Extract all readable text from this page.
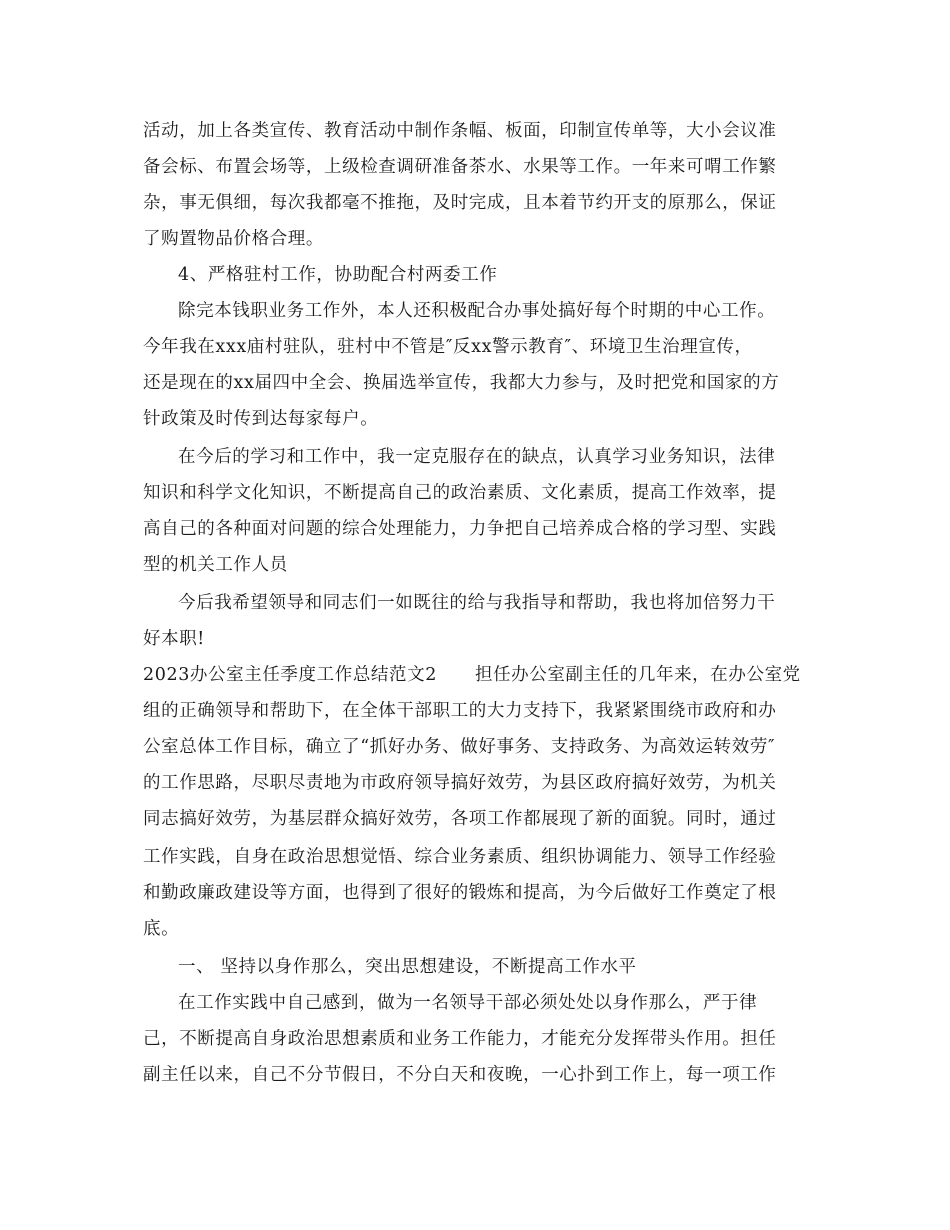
活动，加上各类宣传、教育活动中制作条幅、板面，印制宣传单等，大小会议准
备会标、布置会场等，上级检查调研准备茶水、水果等工作。一年来可喟工作繁
杂，事无俱细，每次我都毫不推拖，及时完成，且本着节约开支的原那么，保证
了购置物品价格合理。
4、严格驻村工作，协助配合村两委工作
除完本钱职业务工作外，本人还积极配合办事处搞好每个时期的中心工作。
今年我在xxx庙村驻队，驻村中不管是″反xx警示教育″、环境卫生治理宣传，
还是现在的xx届四中全会、换届选举宣传，我都大力参与，及时把党和国家的方
针政策及时传到达每家每户。
在今后的学习和工作中，我一定克服存在的缺点，认真学习业务知识，法律
知识和科学文化知识，不断提高自己的政治素质、文化素质，提高工作效率，提
高自己的各种面对问题的综合处理能力，力争把自己培养成合格的学习型、实践
型的机关工作人员
今后我希望领导和同志们一如既往的给与我指导和帮助，我也将加倍努力干
好本职!
2023办公室主任季度工作总结范文2 担任办公室副主任的几年来，在办公室党
组的正确领导和帮助下，在全体干部职工的大力支持下，我紧紧围绕市政府和办
公室总体工作目标，确立了“抓好办务、做好事务、支持政务、为高效运转效劳″
的工作思路，尽职尽责地为市政府领导搞好效劳，为县区政府搞好效劳，为机关
同志搞好效劳，为基层群众搞好效劳，各项工作都展现了新的面貌。同时，通过
工作实践，自身在政治思想觉悟、综合业务素质、组织协调能力、领导工作经验
和勤政廉政建设等方面，也得到了很好的锻炼和提高，为今后做好工作奠定了根
底。
一、 坚持以身作那么，突出思想建设，不断提高工作水平
在工作实践中自己感到，做为一名领导干部必须处处以身作那么，严于律
己，不断提高自身政治思想素质和业务工作能力，才能充分发挥带头作用。担任
副主任以来，自己不分节假日，不分白天和夜晚，一心扑到工作上，每一项工作
